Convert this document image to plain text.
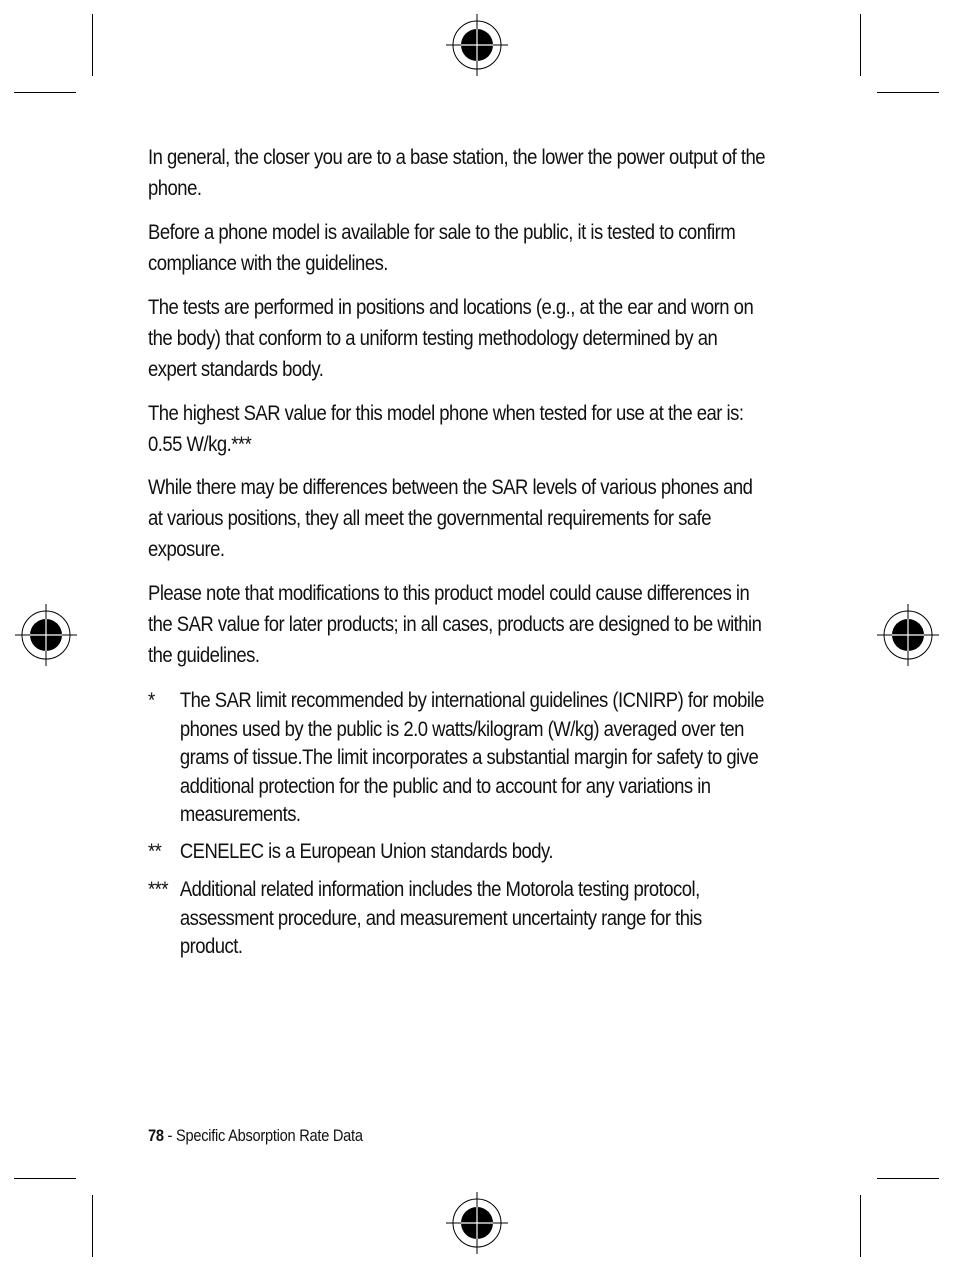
In general, the closer you are to a base station, the lower the power output of the phone.

Before a phone model is available for sale to the public, it is tested to confirm compliance with the guidelines.

The tests are performed in positions and locations (e.g., at the ear and worn on the body) that conform to a uniform testing methodology determined by an expert standards body.

The highest SAR value for this model phone when tested for use at the ear is: 0.55 W/kg.***

While there may be differences between the SAR levels of various phones and at various positions, they all meet the governmental requirements for safe exposure.

Please note that modifications to this product model could cause differences in the SAR value for later products; in all cases, products are designed to be within the guidelines.

*	The SAR limit recommended by international guidelines (ICNIRP) for mobile phones used by the public is 2.0 watts/kilogram (W/kg) averaged over ten grams of tissue.The limit incorporates a substantial margin for safety to give additional protection for the public and to account for any variations in measurements.
** CENELEC is a European Union standards body.
*** Additional related information includes the Motorola testing protocol, assessment procedure, and measurement uncertainty range for this product.
78 - Specific Absorption Rate Data
